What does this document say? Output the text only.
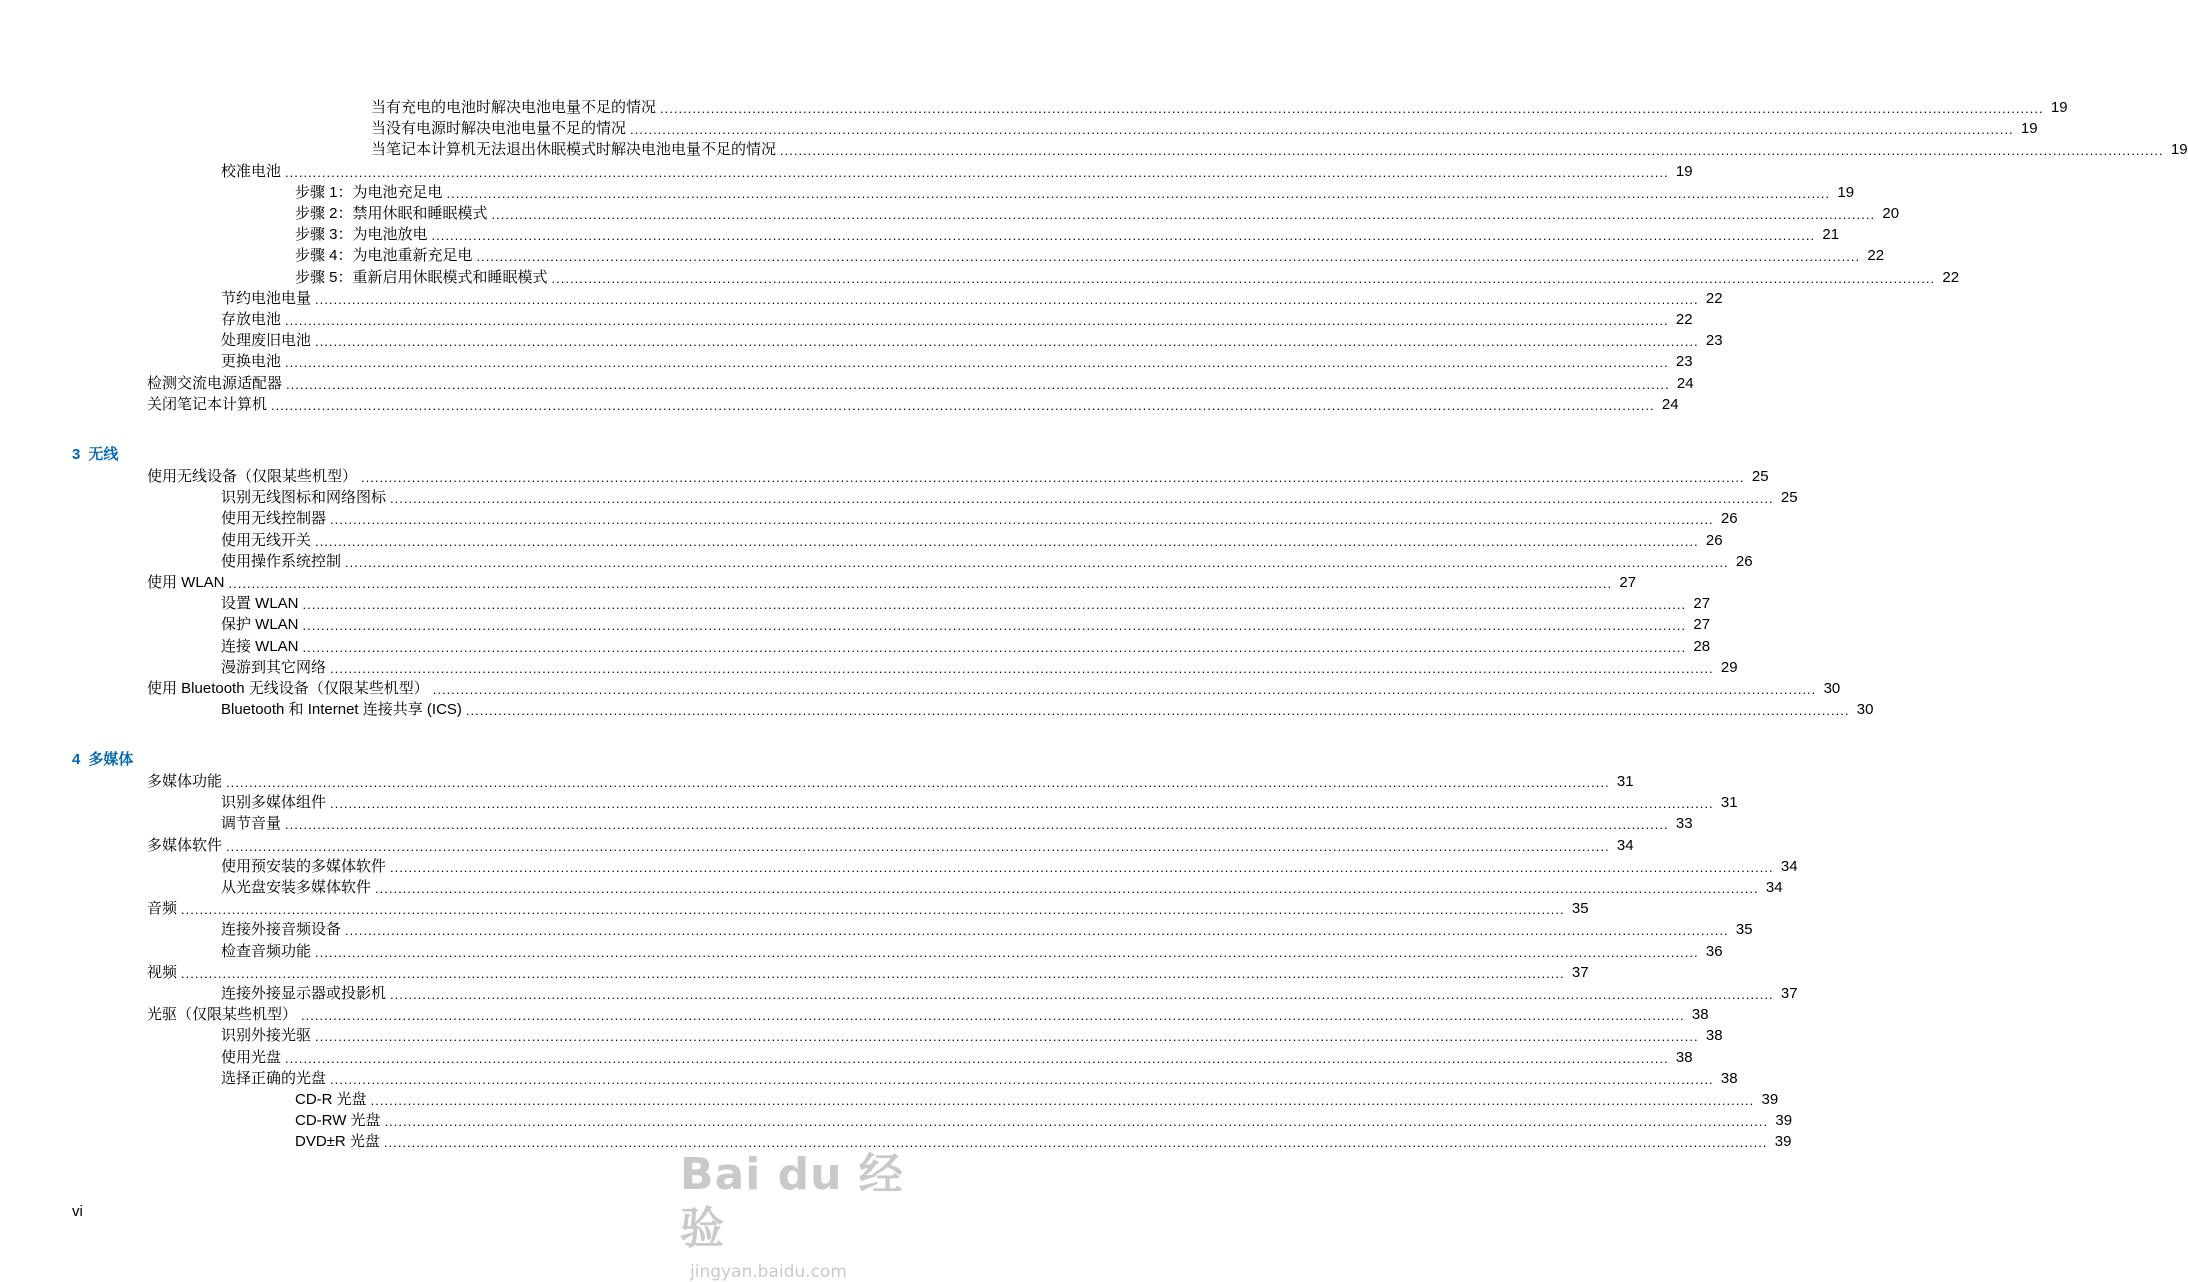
当有充电的电池时解决电池电量不足的情况 ............................................................................................................................................................................................................................................................................................................ 19
当没有电源时解决电池电量不足的情况 ............................................................................................................................................................................................................................................................................................................ 19
当笔记本计算机无法退出休眠模式时解决电池电量不足的情况 ............................................................................................................................................................................................................................................................................................................ 19
校准电池 ............................................................................................................................................................................................................................................................................................................ 19
步骤 1：为电池充足电 ............................................................................................................................................................................................................................................................................................................ 19
步骤 2：禁用休眠和睡眠模式 ............................................................................................................................................................................................................................................................................................................ 20
步骤 3：为电池放电 ............................................................................................................................................................................................................................................................................................................ 21
步骤 4：为电池重新充足电 ............................................................................................................................................................................................................................................................................................................ 22
步骤 5：重新启用休眠模式和睡眠模式 ............................................................................................................................................................................................................................................................................................................ 22
节约电池电量 ............................................................................................................................................................................................................................................................................................................ 22
存放电池 ............................................................................................................................................................................................................................................................................................................ 22
处理废旧电池 ............................................................................................................................................................................................................................................................................................................ 23
更换电池 ............................................................................................................................................................................................................................................................................................................ 23
检测交流电源适配器 ............................................................................................................................................................................................................................................................................................................ 24
关闭笔记本计算机 ............................................................................................................................................................................................................................................................................................................ 24
3 无线
使用无线设备（仅限某些机型） ............................................................................................................................................................................................................................................................................................................ 25
识别无线图标和网络图标 ............................................................................................................................................................................................................................................................................................................ 25
使用无线控制器 ............................................................................................................................................................................................................................................................................................................ 26
使用无线开关 ............................................................................................................................................................................................................................................................................................................ 26
使用操作系统控制 ............................................................................................................................................................................................................................................................................................................ 26
使用 WLAN ............................................................................................................................................................................................................................................................................................................ 27
设置 WLAN ............................................................................................................................................................................................................................................................................................................ 27
保护 WLAN ............................................................................................................................................................................................................................................................................................................ 27
连接 WLAN ............................................................................................................................................................................................................................................................................................................ 28
漫游到其它网络 ............................................................................................................................................................................................................................................................................................................ 29
使用 Bluetooth 无线设备（仅限某些机型） ............................................................................................................................................................................................................................................................................................................ 30
Bluetooth 和 Internet 连接共享 (ICS) ............................................................................................................................................................................................................................................................................................................ 30
4 多媒体
多媒体功能 ............................................................................................................................................................................................................................................................................................................ 31
识别多媒体组件 ............................................................................................................................................................................................................................................................................................................ 31
调节音量 ............................................................................................................................................................................................................................................................................................................ 33
多媒体软件 ............................................................................................................................................................................................................................................................................................................ 34
使用预安装的多媒体软件 ............................................................................................................................................................................................................................................................................................................ 34
从光盘安装多媒体软件 ............................................................................................................................................................................................................................................................................................................ 34
音频 ............................................................................................................................................................................................................................................................................................................ 35
连接外接音频设备 ............................................................................................................................................................................................................................................................................................................ 35
检查音频功能 ............................................................................................................................................................................................................................................................................................................ 36
视频 ............................................................................................................................................................................................................................................................................................................ 37
连接外接显示器或投影机 ............................................................................................................................................................................................................................................................................................................ 37
光驱（仅限某些机型） ............................................................................................................................................................................................................................................................................................................ 38
识别外接光驱 ............................................................................................................................................................................................................................................................................................................ 38
使用光盘 ............................................................................................................................................................................................................................................................................................................ 38
选择正确的光盘 ............................................................................................................................................................................................................................................................................................................ 38
CD-R 光盘 ............................................................................................................................................................................................................................................................................................................ 39
CD-RW 光盘 ............................................................................................................................................................................................................................................................................................................ 39
DVD±R 光盘 ............................................................................................................................................................................................................................................................................................................ 39
vi
Bai du 经验
jingyan.baidu.com
